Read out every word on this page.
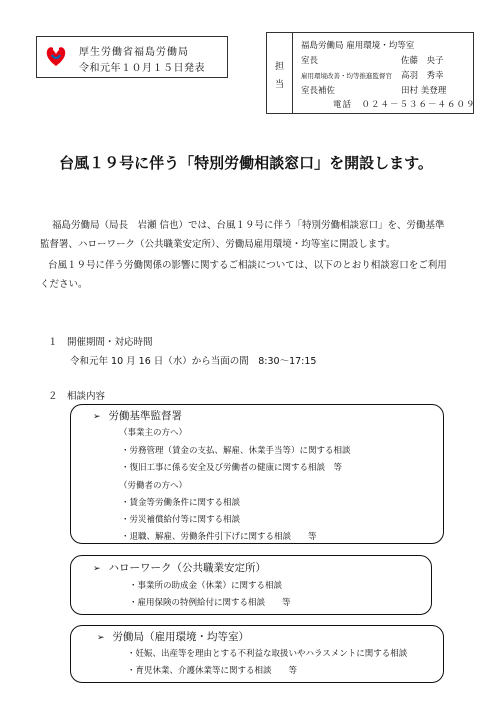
厚生労働省福島労働局
令和元年１０月１５日発表	担
当
福島労働局 雇用環境・均等室
室長	佐藤　央子
雇用環境改善・均等推進監督官 高羽　秀幸
室長補佐	田村 美登理
電話　０２４－５３６－４６０９
台風１９号に伴う「特別労働相談窓口」を開設します。
福島労働局（局長　岩瀬 信也）では、台風１９号に伴う「特別労働相談窓口」を、労働基準
監督署、ハローワーク（公共職業安定所）、労働局雇用環境・均等室に開設します。
台風１９号に伴う労働関係の影響に関するご相談については、以下のとおり相談窓口をご利用
ください。
１　開催期間・対応時間
令和元年 10 月 16 日（水）から当面の間　8:30～17:15
２　相談内容
➢ 労働基準監督署
（事業主の方へ）
・労務管理（賃金の支払、解雇、休業手当等）に関する相談
・復旧工事に係る安全及び労働者の健康に関する相談　等
（労働者の方へ）
・賃金等労働条件に関する相談
・労災補償給付等に関する相談
・退職、解雇、労働条件引下げに関する相談　　等
➢ ハローワーク（公共職業安定所）
・事業所の助成金（休業）に関する相談
・雇用保険の特例給付に関する相談　　等
➢ 労働局（雇用環境・均等室）
・妊娠、出産等を理由とする不利益な取扱いやハラスメントに関する相談
・育児休業、介護休業等に関する相談　　等
